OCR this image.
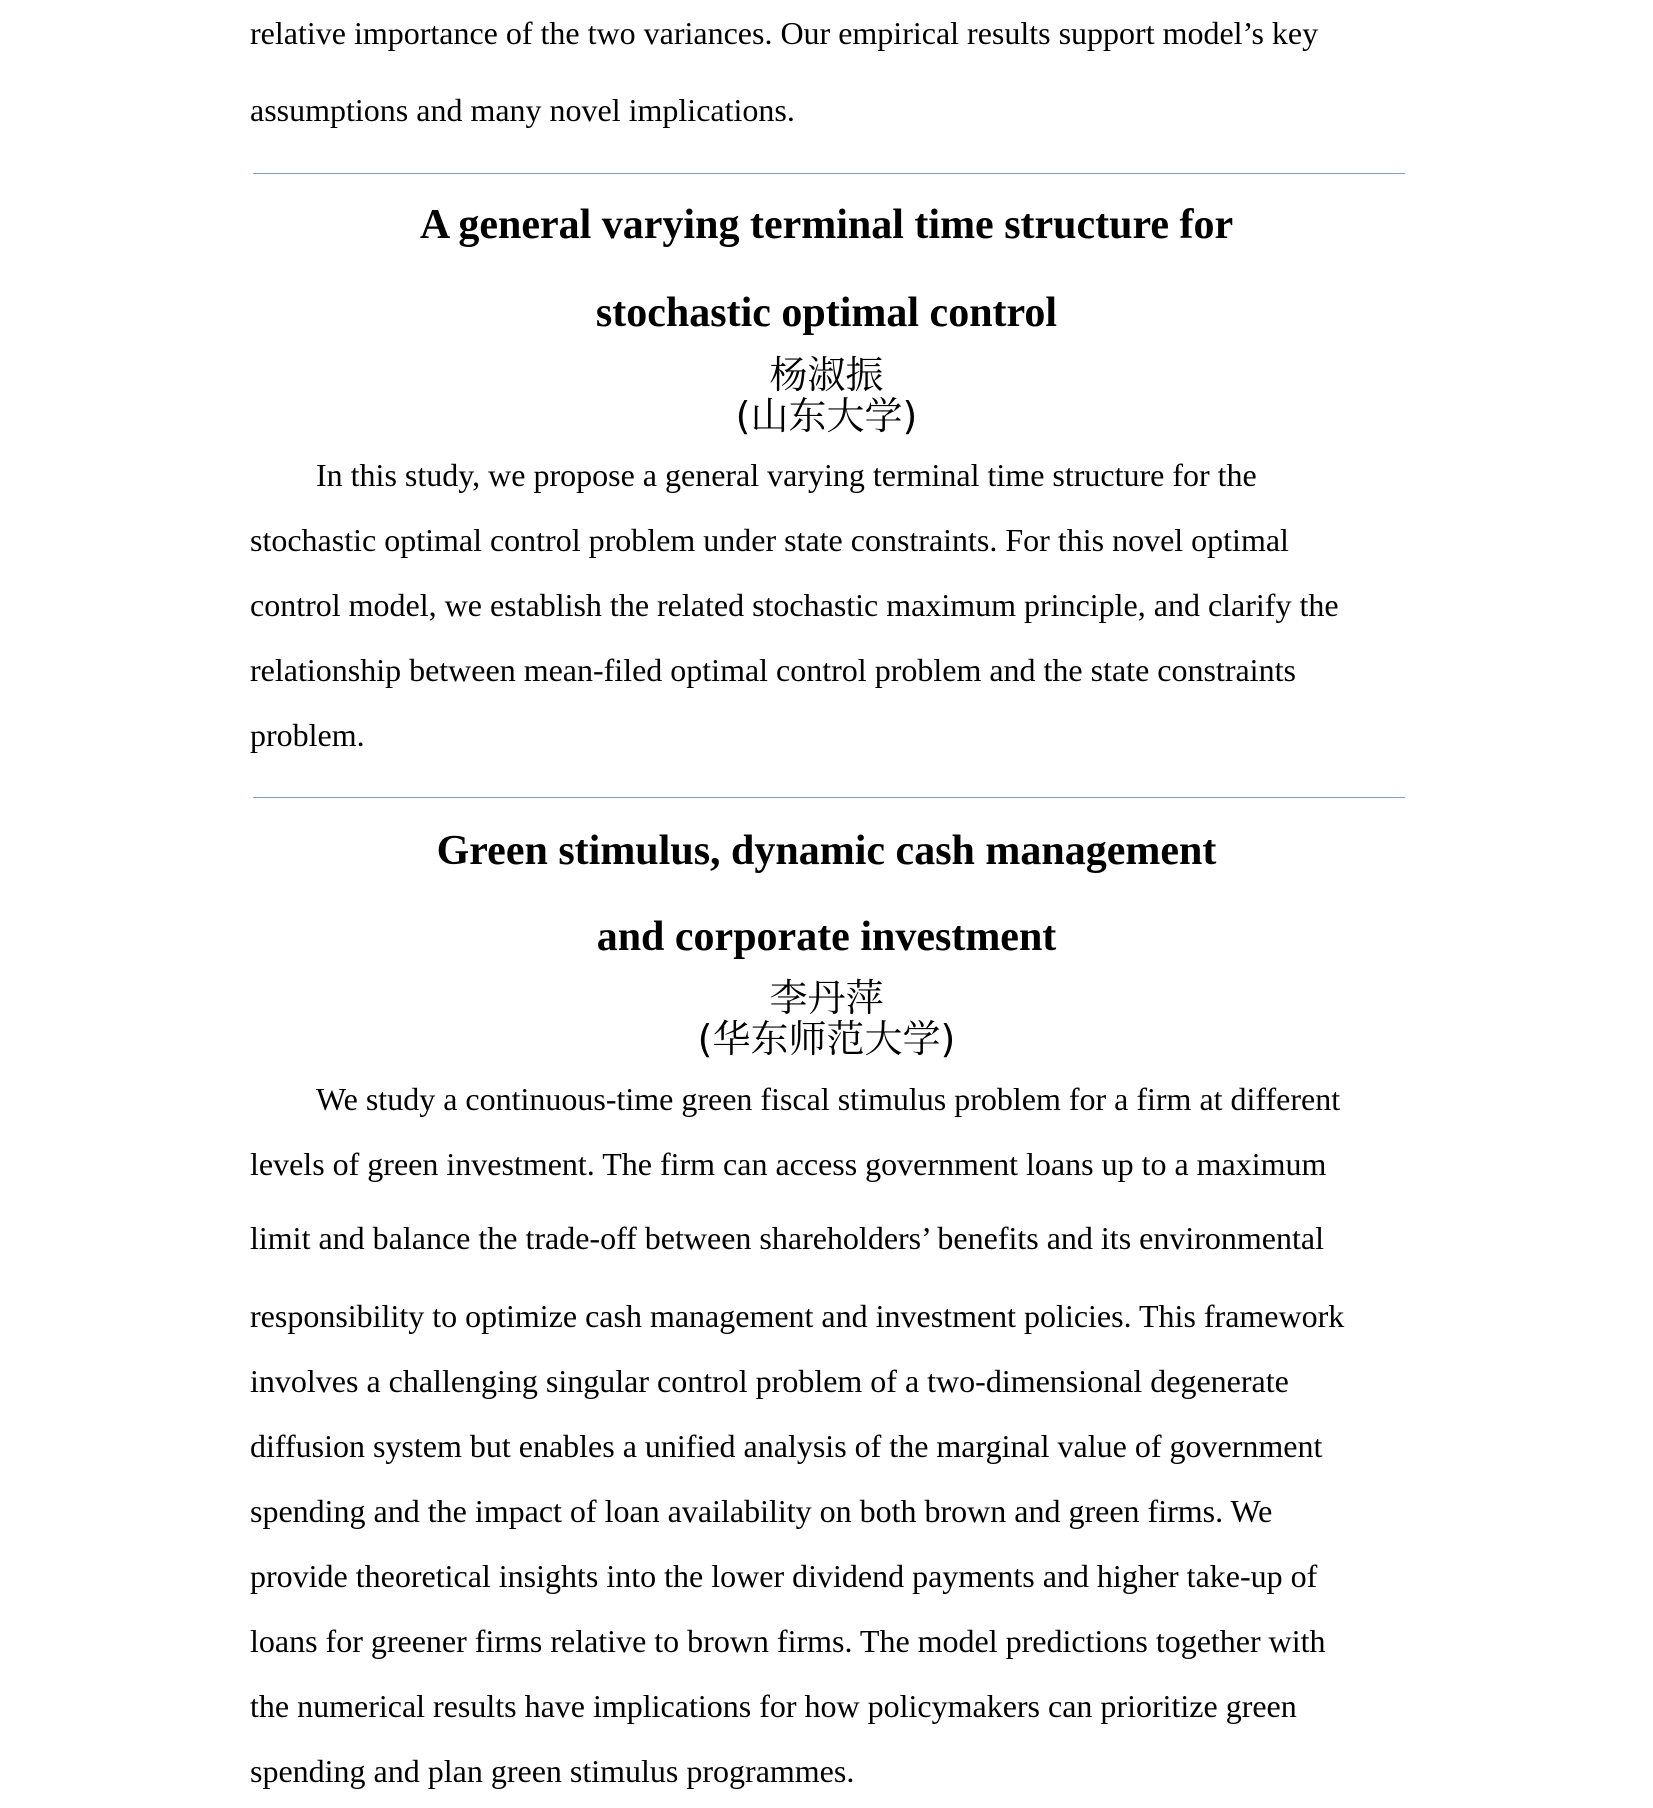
relative importance of the two variances. Our empirical results support model’s key

assumptions and many novel implications.

A general varying terminal time structure for
stochastic optimal control

杨淑振

(山东大学)

In this study, we propose a general varying terminal time structure for the

stochastic optimal control problem under state constraints. For this novel optimal

control model, we establish the related stochastic maximum principle, and clarify the

relationship between mean-filed optimal control problem and the state constraints

problem.

Green stimulus, dynamic cash management
and corporate investment

李丹萍

(华东师范大学)

We study a continuous-time green fiscal stimulus problem for a firm at different

levels of green investment. The firm can access government loans up to a maximum

limit and balance the trade-off between shareholders’ benefits and its environmental

responsibility to optimize cash management and investment policies. This framework

involves a challenging singular control problem of a two-dimensional degenerate

diffusion system but enables a unified analysis of the marginal value of government

spending and the impact of loan availability on both brown and green firms. We

provide theoretical insights into the lower dividend payments and higher take-up of

loans for greener firms relative to brown firms. The model predictions together with

the numerical results have implications for how policymakers can prioritize green

spending and plan green stimulus programmes.
